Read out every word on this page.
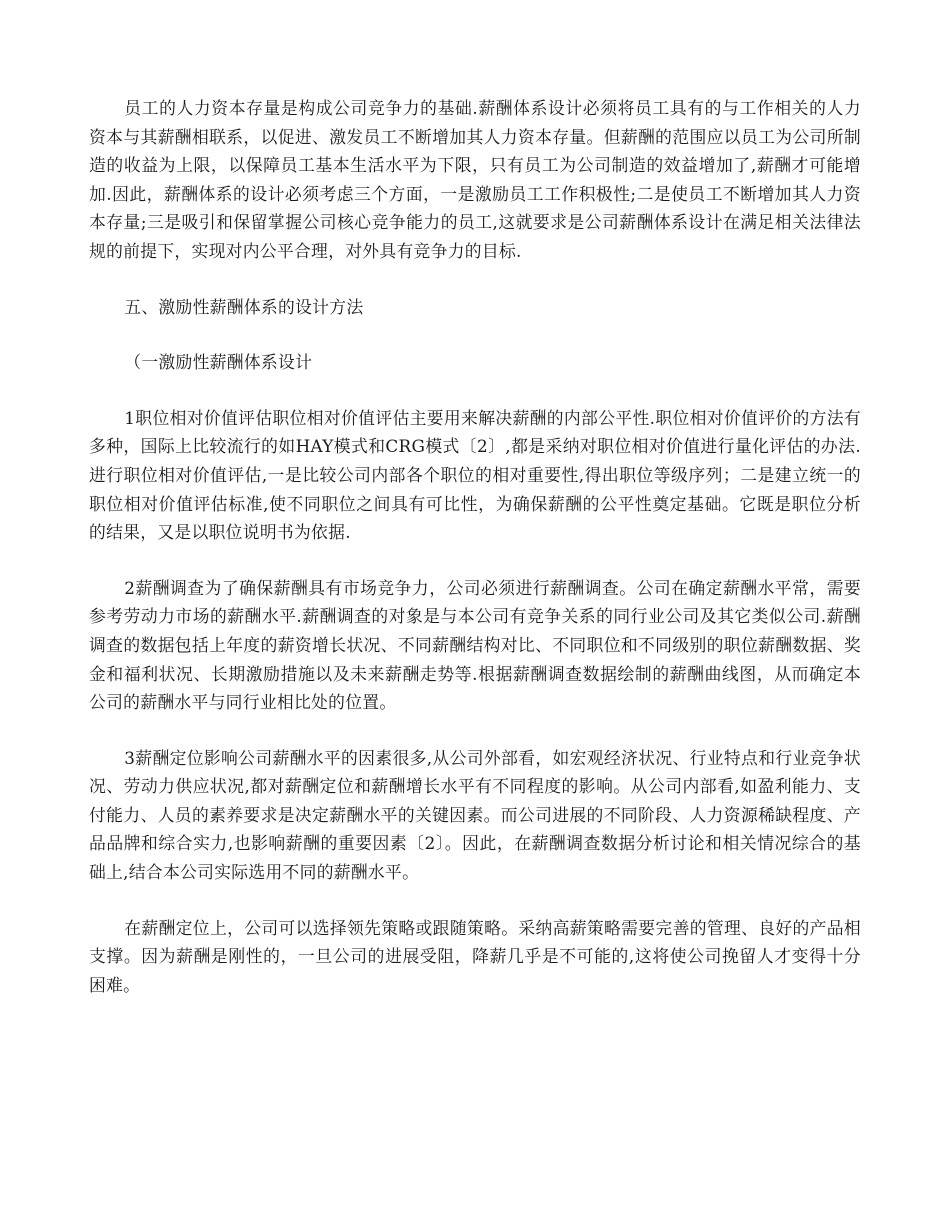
员工的人力资本存量是构成公司竞争力的基础.薪酬体系设计必须将员工具有的与工作相关的人力资本与其薪酬相联系，以促进、激发员工不断增加其人力资本存量。但薪酬的范围应以员工为公司所制造的收益为上限，以保障员工基本生活水平为下限，只有员工为公司制造的效益增加了,薪酬才可能增加.因此，薪酬体系的设计必须考虑三个方面，一是激励员工工作积极性;二是使员工不断增加其人力资本存量;三是吸引和保留掌握公司核心竞争能力的员工,这就要求是公司薪酬体系设计在满足相关法律法规的前提下，实现对内公平合理，对外具有竞争力的目标.

五、激励性薪酬体系的设计方法

（一激励性薪酬体系设计

1职位相对价值评估职位相对价值评估主要用来解决薪酬的内部公平性.职位相对价值评价的方法有多种，国际上比较流行的如HAY模式和CRG模式〔2〕,都是采纳对职位相对价值进行量化评估的办法.进行职位相对价值评估,一是比较公司内部各个职位的相对重要性,得出职位等级序列；二是建立统一的职位相对价值评估标准,使不同职位之间具有可比性，为确保薪酬的公平性奠定基础。它既是职位分析的结果，又是以职位说明书为依据.

2薪酬调查为了确保薪酬具有市场竞争力，公司必须进行薪酬调查。公司在确定薪酬水平常，需要参考劳动力市场的薪酬水平.薪酬调查的对象是与本公司有竞争关系的同行业公司及其它类似公司.薪酬调查的数据包括上年度的薪资增长状况、不同薪酬结构对比、不同职位和不同级别的职位薪酬数据、奖金和福利状况、长期激励措施以及未来薪酬走势等.根据薪酬调查数据绘制的薪酬曲线图，从而确定本公司的薪酬水平与同行业相比处的位置。

3薪酬定位影响公司薪酬水平的因素很多,从公司外部看，如宏观经济状况、行业特点和行业竞争状况、劳动力供应状况,都对薪酬定位和薪酬增长水平有不同程度的影响。从公司内部看,如盈利能力、支付能力、人员的素养要求是决定薪酬水平的关键因素。而公司进展的不同阶段、人力资源稀缺程度、产品品牌和综合实力,也影响薪酬的重要因素〔2〕。因此，在薪酬调查数据分析讨论和相关情况综合的基础上,结合本公司实际选用不同的薪酬水平。

在薪酬定位上，公司可以选择领先策略或跟随策略。采纳高薪策略需要完善的管理、良好的产品相支撑。因为薪酬是刚性的，一旦公司的进展受阻，降薪几乎是不可能的,这将使公司挽留人才变得十分困难。
